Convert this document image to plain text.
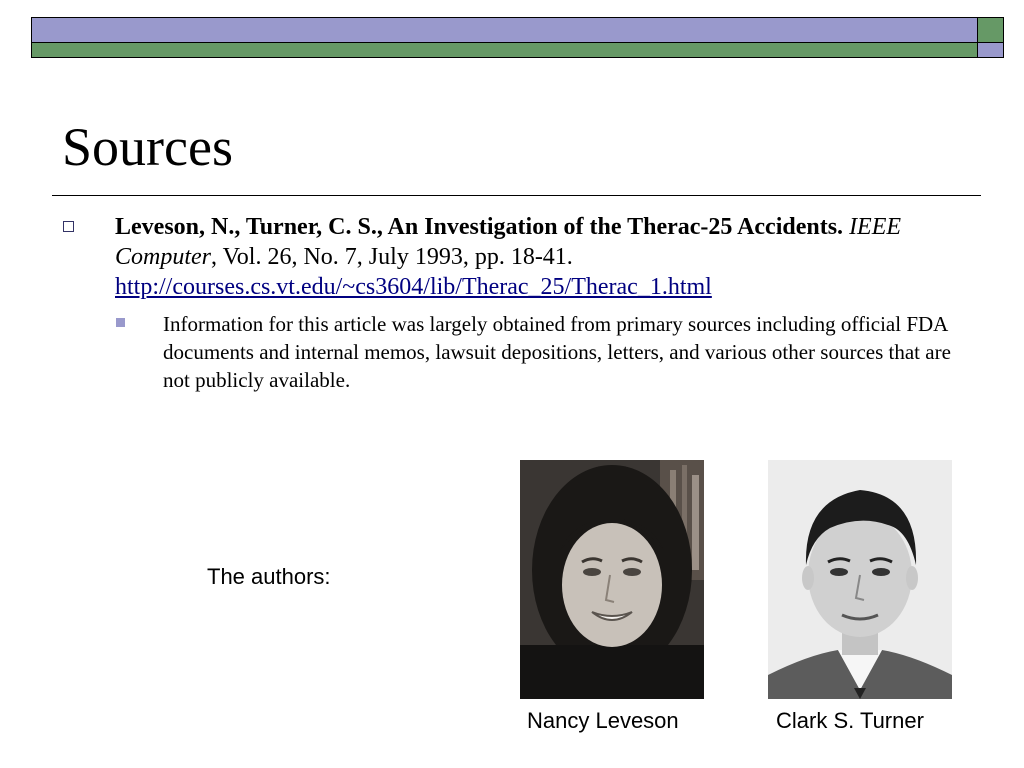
Sources
Leveson, N., Turner, C. S., An Investigation of the Therac-25 Accidents. IEEE Computer, Vol. 26, No. 7, July 1993, pp. 18-41.
http://courses.cs.vt.edu/~cs3604/lib/Therac_25/Therac_1.html
Information for this article was largely obtained from primary sources including official FDA documents and internal memos, lawsuit depositions, letters, and various other sources that are not publicly available.
The authors:
Nancy Leveson	Clark S. Turner
